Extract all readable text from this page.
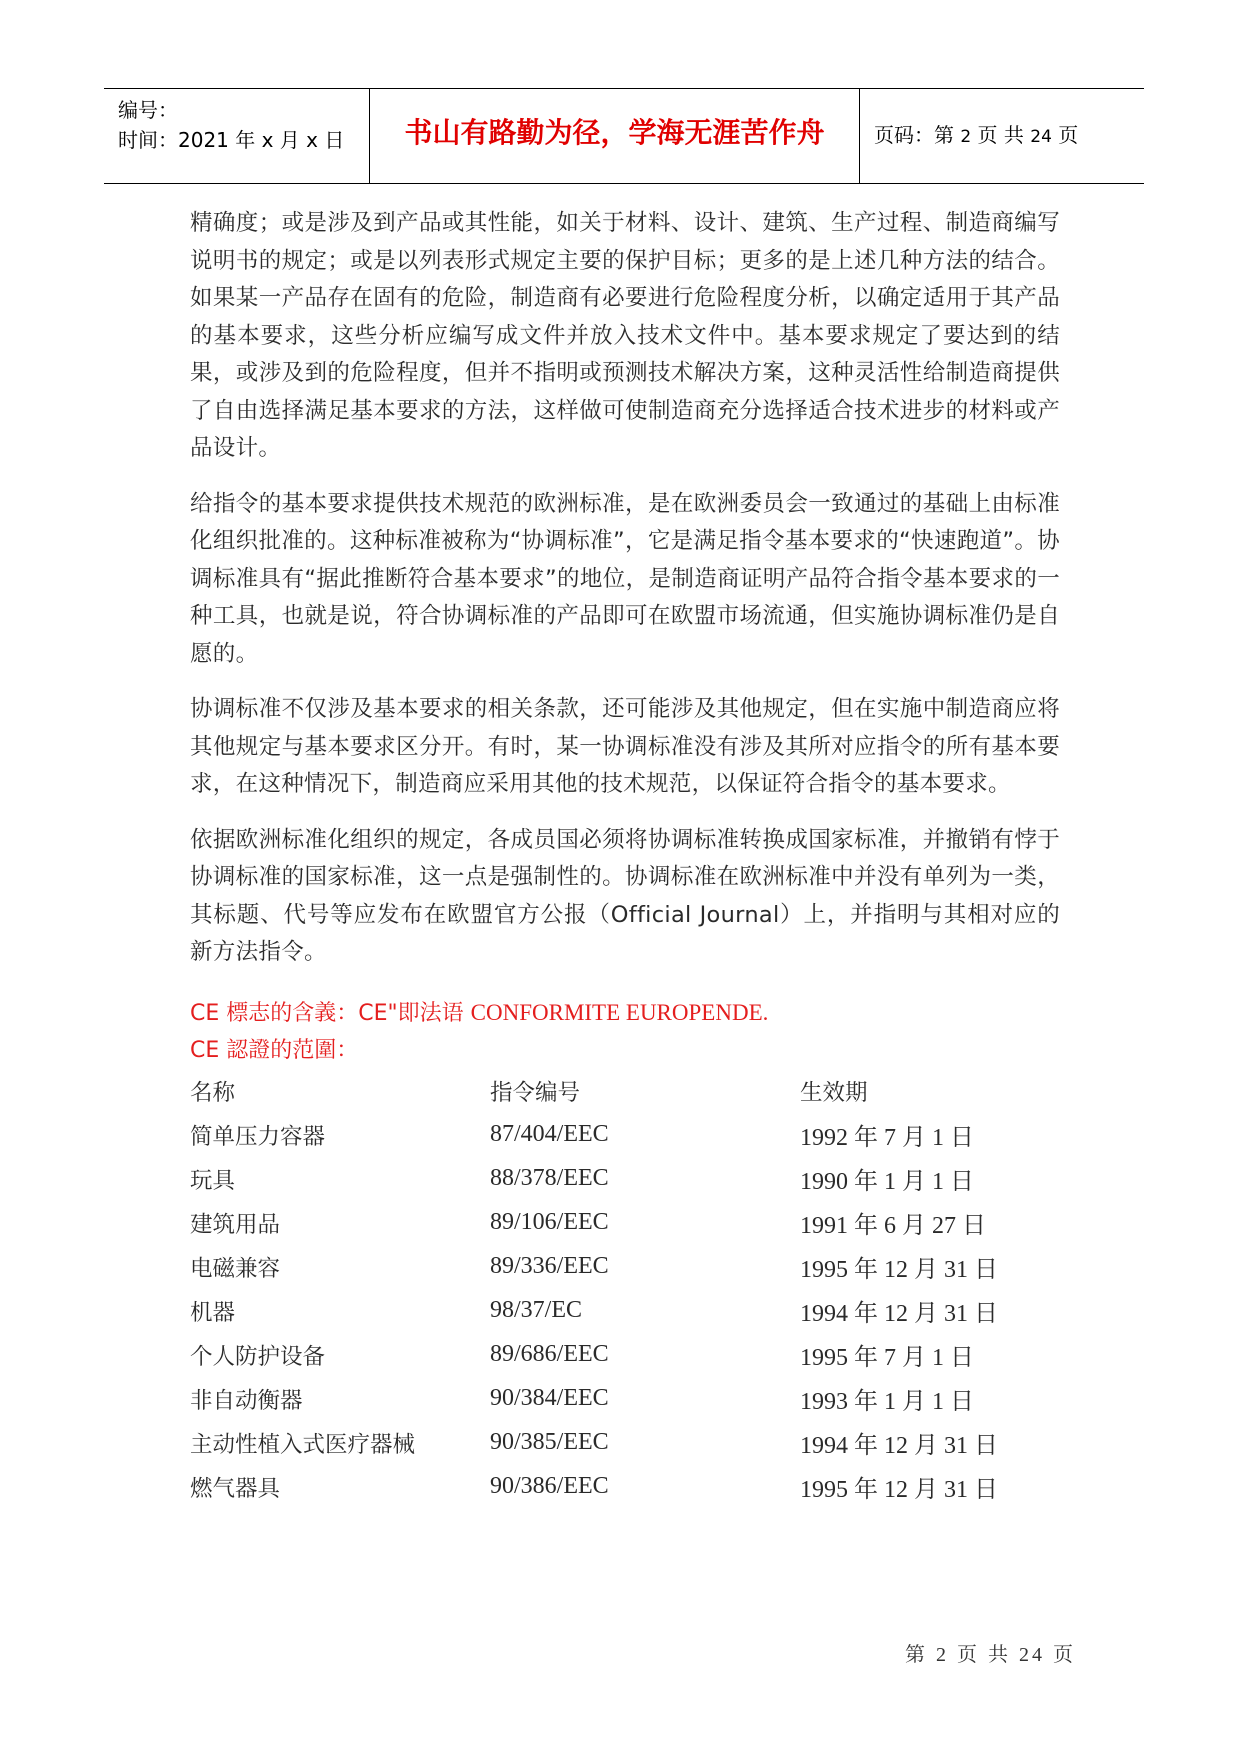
编号：
时间：2021 年 x 月 x 日	书山有路勤为径，学海无涯苦作舟	页码：第 2 页 共 24 页

精确度；或是涉及到产品或其性能，如关于材料、设计、建筑、生产过程、制造商编写说明书的规定；或是以列表形式规定主要的保护目标；更多的是上述几种方法的结合。如果某一产品存在固有的危险，制造商有必要进行危险程度分析，以确定适用于其产品的基本要求，这些分析应编写成文件并放入技术文件中。基本要求规定了要达到的结果，或涉及到的危险程度，但并不指明或预测技术解决方案，这种灵活性给制造商提供了自由选择满足基本要求的方法，这样做可使制造商充分选择适合技术进步的材料或产品设计。

给指令的基本要求提供技术规范的欧洲标准，是在欧洲委员会一致通过的基础上由标准化组织批准的。这种标准被称为“协调标准”，它是满足指令基本要求的“快速跑道”。协调标准具有“据此推断符合基本要求”的地位，是制造商证明产品符合指令基本要求的一种工具，也就是说，符合协调标准的产品即可在欧盟市场流通，但实施协调标准仍是自愿的。

协调标准不仅涉及基本要求的相关条款，还可能涉及其他规定，但在实施中制造商应将其他规定与基本要求区分开。有时，某一协调标准没有涉及其所对应指令的所有基本要求，在这种情况下，制造商应采用其他的技术规范，以保证符合指令的基本要求。

依据欧洲标准化组织的规定，各成员国必须将协调标准转换成国家标准，并撤销有悖于协调标准的国家标准，这一点是强制性的。协调标准在欧洲标准中并没有单列为一类，其标题、代号等应发布在欧盟官方公报（Official Journal）上，并指明与其相对应的新方法指令。

CE 標志的含義：CE"即法语 CONFORMITE EUROPENDE.

CE 認證的范圍：

名称	指令编号	生效期
简单压力容器	87/404/EEC	1992 年 7 月 1 日
玩具	88/378/EEC	1990 年 1 月 1 日
建筑用品	89/106/EEC	1991 年 6 月 27 日
电磁兼容	89/336/EEC	1995 年 12 月 31 日
机器	98/37/EC	1994 年 12 月 31 日
个人防护设备	89/686/EEC	1995 年 7 月 1 日
非自动衡器	90/384/EEC	1993 年 1 月 1 日
主动性植入式医疗器械	90/385/EEC	1994 年 12 月 31 日
燃气器具	90/386/EEC	1995 年 12 月 31 日
第 2 页 共 24 页
